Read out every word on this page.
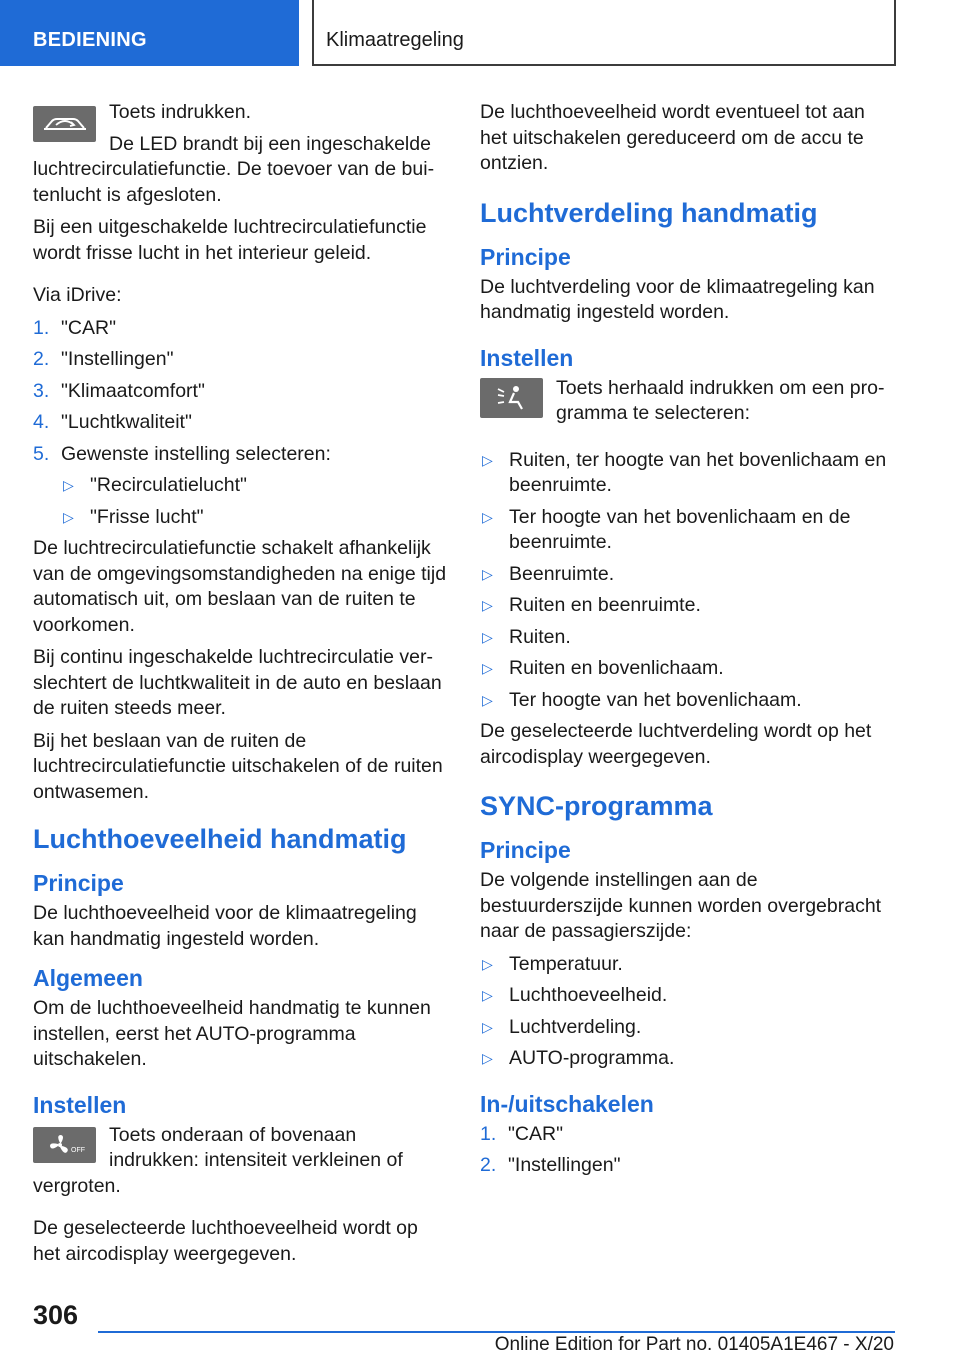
BEDIENING	Klimaatregeling

Toets indrukken.

De LED brandt bij een ingeschakelde luchtrecirculatiefunctie. De toevoer van de buitenlucht is afgesloten.

Bij een uitgeschakelde luchtrecirculatiefunctie wordt frisse lucht in het interieur geleid.

Via iDrive:

1. "CAR"
2. "Instellingen"
3. "Klimaatcomfort"
4. "Luchtkwaliteit"
5. Gewenste instelling selecteren:
▷ "Recirculatielucht"
▷ "Frisse lucht"

De luchtrecirculatiefunctie schakelt afhankelijk van de omgevingsomstandigheden na enige tijd automatisch uit, om beslaan van de ruiten te voorkomen.

Bij continu ingeschakelde luchtrecirculatie verslechtert de luchtkwaliteit in de auto en beslaan de ruiten steeds meer.

Bij het beslaan van de ruiten de luchtrecirculatiefunctie uitschakelen of de ruiten ontwasemen.

Luchthoeveelheid handmatig
Principe

De luchthoeveelheid voor de klimaatregeling kan handmatig ingesteld worden.

Algemeen

Om de luchthoeveelheid handmatig te kunnen instellen, eerst het AUTO-programma uitschakelen.

Instellen
OFF

Toets onderaan of bovenaan indrukken: intensiteit verkleinen of vergroten.

De geselecteerde luchthoeveelheid wordt op het aircodisplay weergegeven.

De luchthoeveelheid wordt eventueel tot aan het uitschakelen gereduceerd om de accu te ontzien.

Luchtverdeling handmatig
Principe

De luchtverdeling voor de klimaatregeling kan handmatig ingesteld worden.

Instellen

Toets herhaald indrukken om een programma te selecteren:

▷ Ruiten, ter hoogte van het bovenlichaam en beenruimte.
▷ Ter hoogte van het bovenlichaam en de beenruimte.
▷ Beenruimte.
▷ Ruiten en beenruimte.
▷ Ruiten.
▷ Ruiten en bovenlichaam.
▷ Ter hoogte van het bovenlichaam.

De geselecteerde luchtverdeling wordt op het aircodisplay weergegeven.

SYNC-programma
Principe

De volgende instellingen aan de bestuurderszijde kunnen worden overgebracht naar de passagierszijde:

▷ Temperatuur.
▷ Luchthoeveelheid.
▷ Luchtverdeling.
▷ AUTO-programma.
In-/uitschakelen
1. "CAR"
2. "Instellingen"
306
Online Edition for Part no. 01405A1E467 - X/20
